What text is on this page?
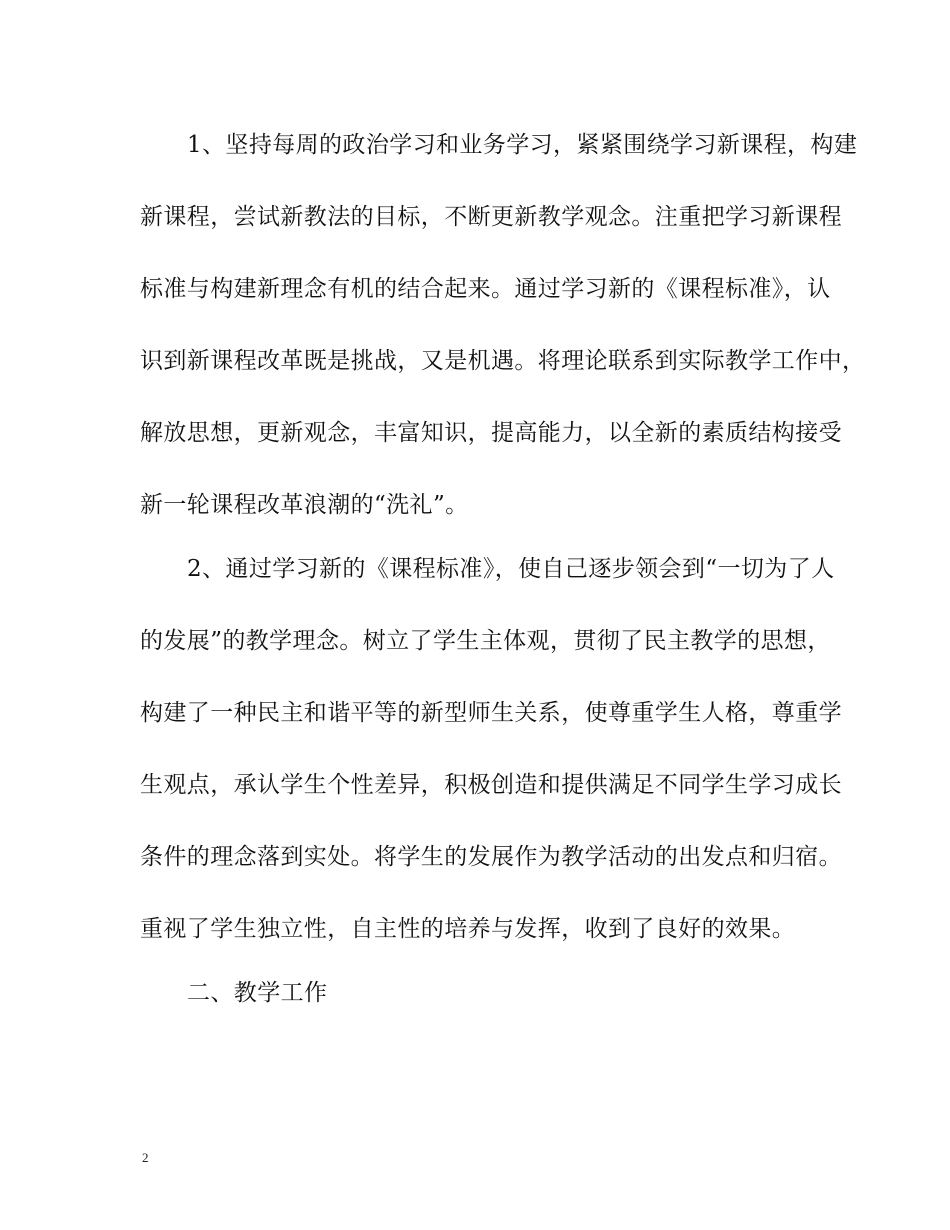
1、坚持每周的政治学习和业务学习，紧紧围绕学习新课程，构建
新课程，尝试新教法的目标，不断更新教学观念。注重把学习新课程
标准与构建新理念有机的结合起来。通过学习新的《课程标准》，认
识到新课程改革既是挑战，又是机遇。将理论联系到实际教学工作中，
解放思想，更新观念，丰富知识，提高能力，以全新的素质结构接受
新一轮课程改革浪潮的“洗礼”。
2、通过学习新的《课程标准》，使自己逐步领会到“一切为了人
的发展”的教学理念。树立了学生主体观，贯彻了民主教学的思想，
构建了一种民主和谐平等的新型师生关系，使尊重学生人格，尊重学
生观点，承认学生个性差异，积极创造和提供满足不同学生学习成长
条件的理念落到实处。将学生的发展作为教学活动的出发点和归宿。
重视了学生独立性，自主性的培养与发挥，收到了良好的效果。
二、教学工作
2
